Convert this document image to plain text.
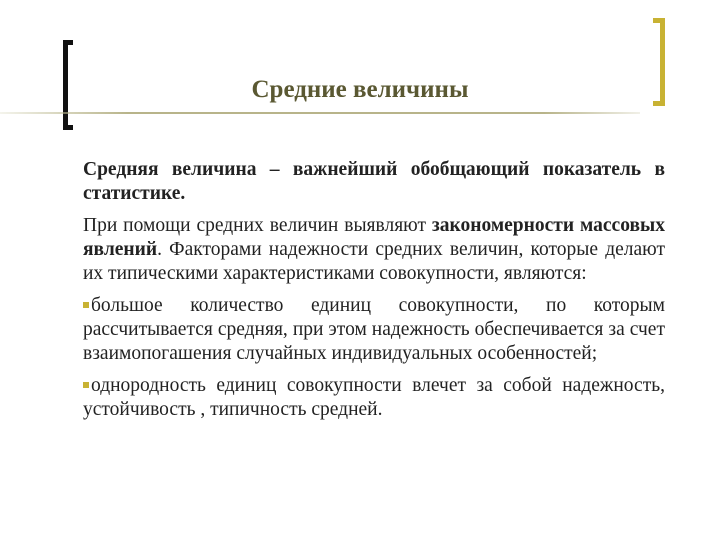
Средние величины

Средняя величина – важнейший обобщающий показатель в статистике.

При помощи средних величин выявляют закономерности массовых явлений. Факторами надежности средних величин, которые делают их типическими характеристиками совокупности, являются:

большое количество единиц совокупности, по которым рассчитывается средняя, при этом надежность обеспечивается за счет взаимопогашения случайных индивидуальных особенностей;

однородность единиц совокупности влечет за собой надежность, устойчивость , типичность средней.
